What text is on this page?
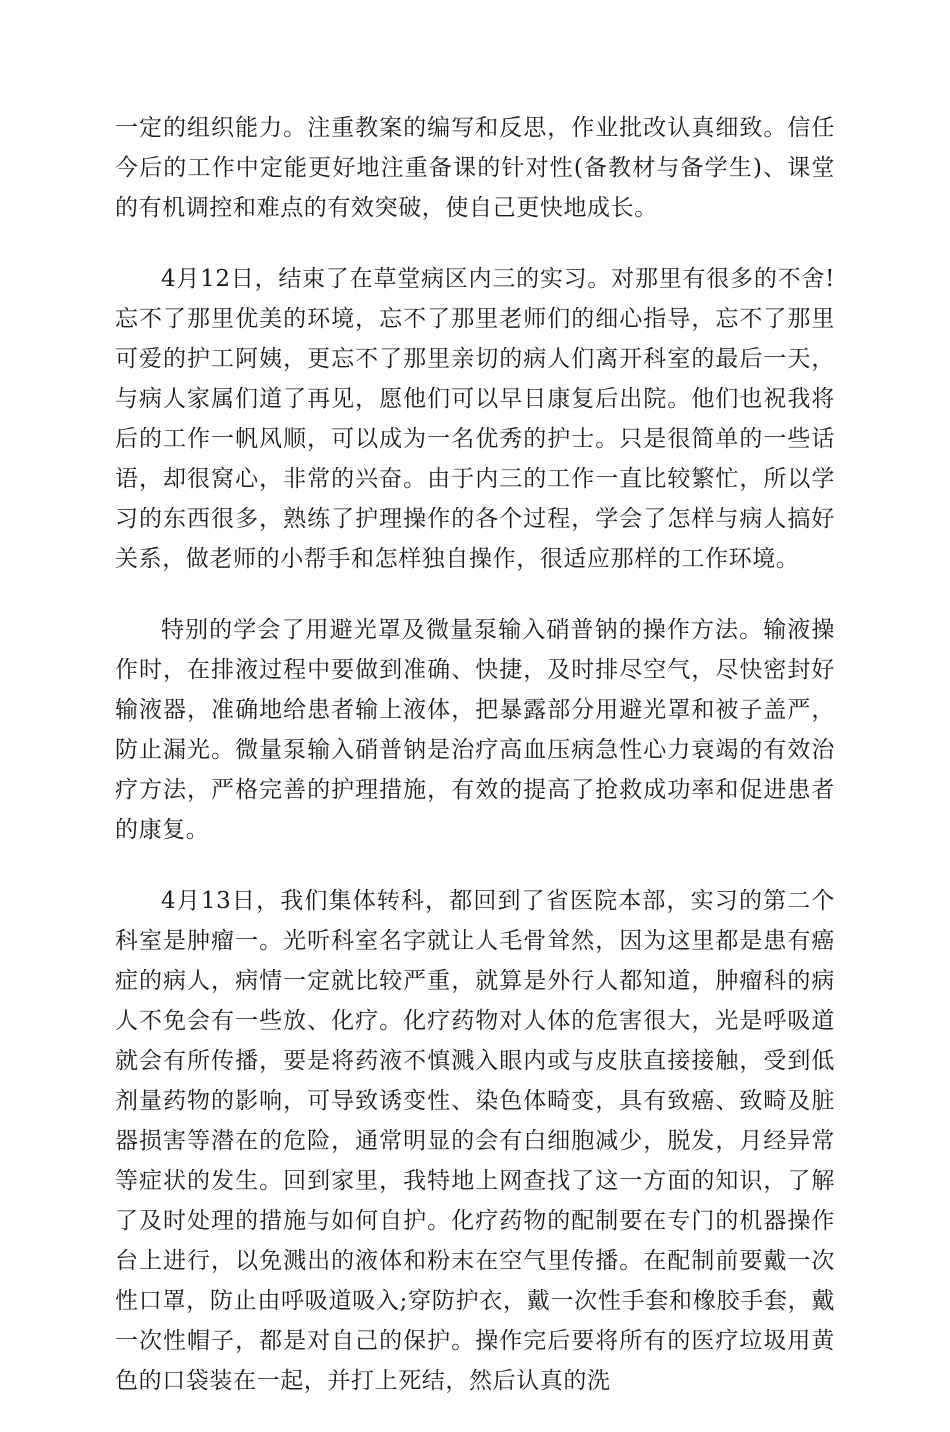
一定的组织能力。注重教案的编写和反思，作业批改认真细致。信任今后的工作中定能更好地注重备课的针对性(备教材与备学生)、课堂的有机调控和难点的有效突破，使自己更快地成长。

4月12日，结束了在草堂病区内三的实习。对那里有很多的不舍!忘不了那里优美的环境，忘不了那里老师们的细心指导，忘不了那里可爱的护工阿姨，更忘不了那里亲切的病人们离开科室的最后一天，与病人家属们道了再见，愿他们可以早日康复后出院。他们也祝我将后的工作一帆风顺，可以成为一名优秀的护士。只是很简单的一些话语，却很窝心，非常的兴奋。由于内三的工作一直比较繁忙，所以学习的东西很多，熟练了护理操作的各个过程，学会了怎样与病人搞好关系，做老师的小帮手和怎样独自操作，很适应那样的工作环境。

特别的学会了用避光罩及微量泵输入硝普钠的操作方法。输液操作时，在排液过程中要做到准确、快捷，及时排尽空气，尽快密封好输液器，准确地给患者输上液体，把暴露部分用避光罩和被子盖严，防止漏光。微量泵输入硝普钠是治疗高血压病急性心力衰竭的有效治疗方法，严格完善的护理措施，有效的提高了抢救成功率和促进患者的康复。

4月13日，我们集体转科，都回到了省医院本部，实习的第二个科室是肿瘤一。光听科室名字就让人毛骨耸然，因为这里都是患有癌症的病人，病情一定就比较严重，就算是外行人都知道，肿瘤科的病人不免会有一些放、化疗。化疗药物对人体的危害很大，光是呼吸道就会有所传播，要是将药液不慎溅入眼内或与皮肤直接接触，受到低剂量药物的影响，可导致诱变性、染色体畸变，具有致癌、致畸及脏器损害等潜在的危险，通常明显的会有白细胞减少，脱发，月经异常等症状的发生。回到家里，我特地上网查找了这一方面的知识，了解了及时处理的措施与如何自护。化疗药物的配制要在专门的机器操作台上进行，以免溅出的液体和粉末在空气里传播。在配制前要戴一次性口罩，防止由呼吸道吸入;穿防护衣，戴一次性手套和橡胶手套，戴一次性帽子，都是对自己的保护。操作完后要将所有的医疗垃圾用黄色的口袋装在一起，并打上死结，然后认真的洗
